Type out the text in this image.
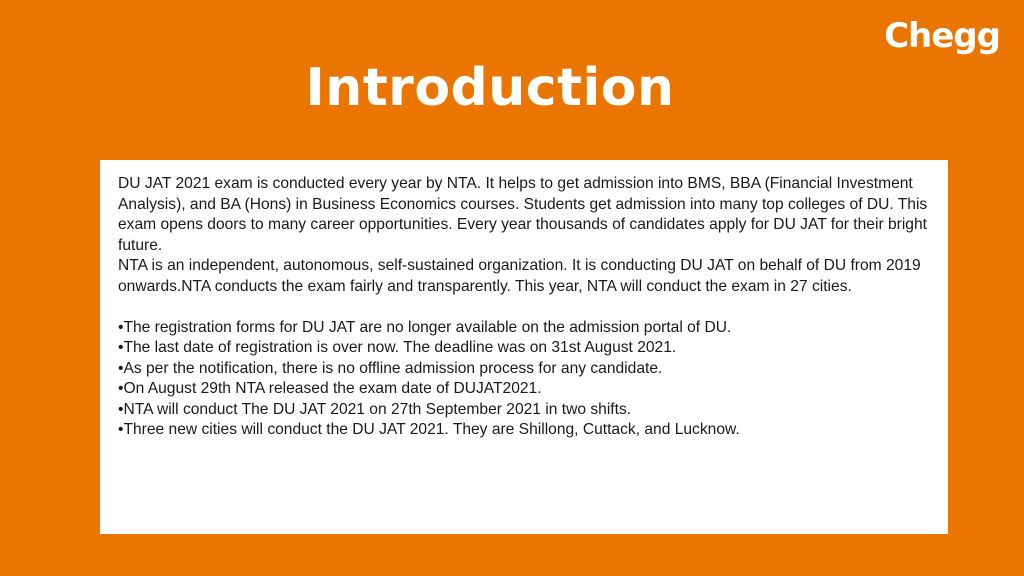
Chegg
Introduction

DU JAT 2021 exam is conducted every year by NTA. It helps to get admission into BMS, BBA (Financial Investment Analysis), and BA (Hons) in Business Economics courses. Students get admission into many top colleges of DU. This exam opens doors to many career opportunities. Every year thousands of candidates apply for DU JAT for their bright future.

NTA is an independent, autonomous, self-sustained organization. It is conducting DU JAT on behalf of DU from 2019 onwards.NTA conducts the exam fairly and transparently. This year, NTA will conduct the exam in 27 cities.

•The registration forms for DU JAT are no longer available on the admission portal of DU.
•The last date of registration is over now. The deadline was on 31st August 2021.
•As per the notification, there is no offline admission process for any candidate.
•On August 29th NTA released the exam date of DUJAT2021.
•NTA will conduct The DU JAT 2021 on 27th September 2021 in two shifts.
•Three new cities will conduct the DU JAT 2021. They are Shillong, Cuttack, and Lucknow.
